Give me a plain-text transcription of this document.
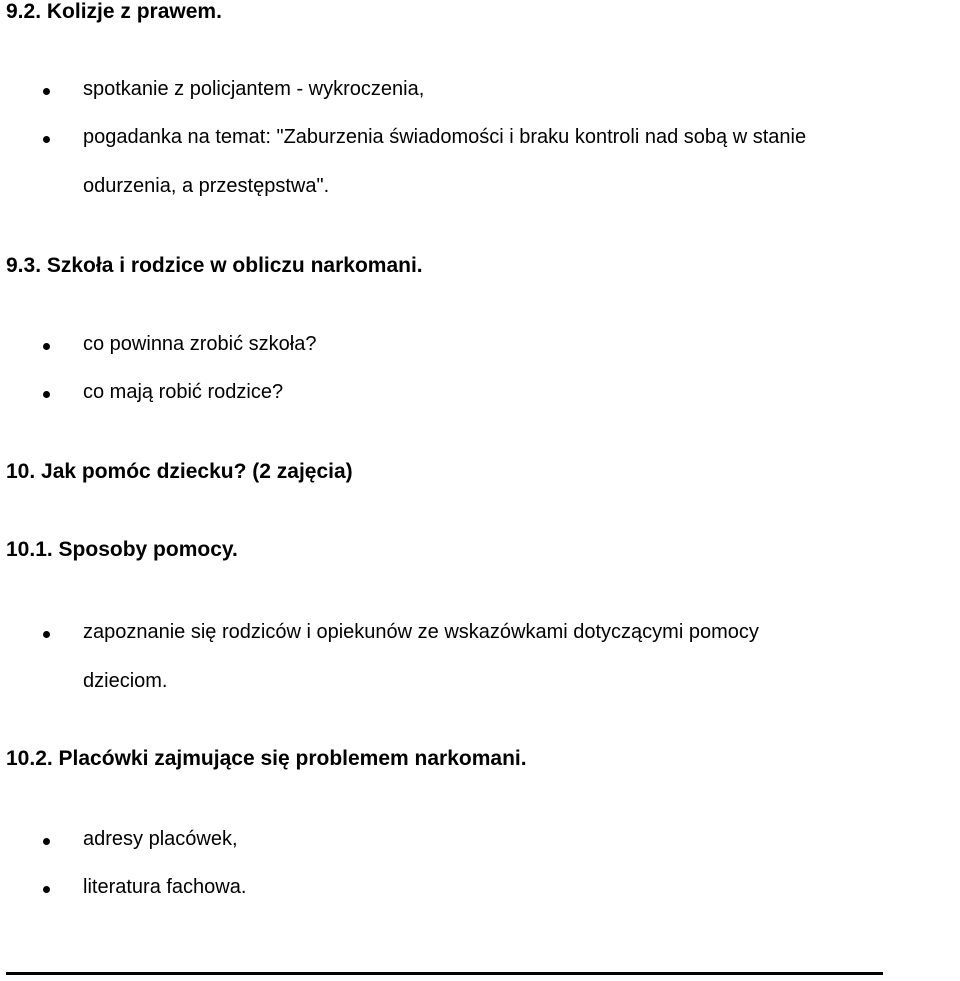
9.2. Kolizje z prawem.
spotkanie z policjantem - wykroczenia,
pogadanka na temat: "Zaburzenia świadomości i braku kontroli nad sobą w stanie
odurzenia, a przestępstwa".
9.3. Szkoła i rodzice w obliczu narkomani.
co powinna zrobić szkoła?
co mają robić rodzice?
10. Jak pomóc dziecku? (2 zajęcia)
10.1. Sposoby pomocy.
zapoznanie się rodziców i opiekunów ze wskazówkami dotyczącymi pomocy
dzieciom.
10.2. Placówki zajmujące się problemem narkomani.
adresy placówek,
literatura fachowa.
